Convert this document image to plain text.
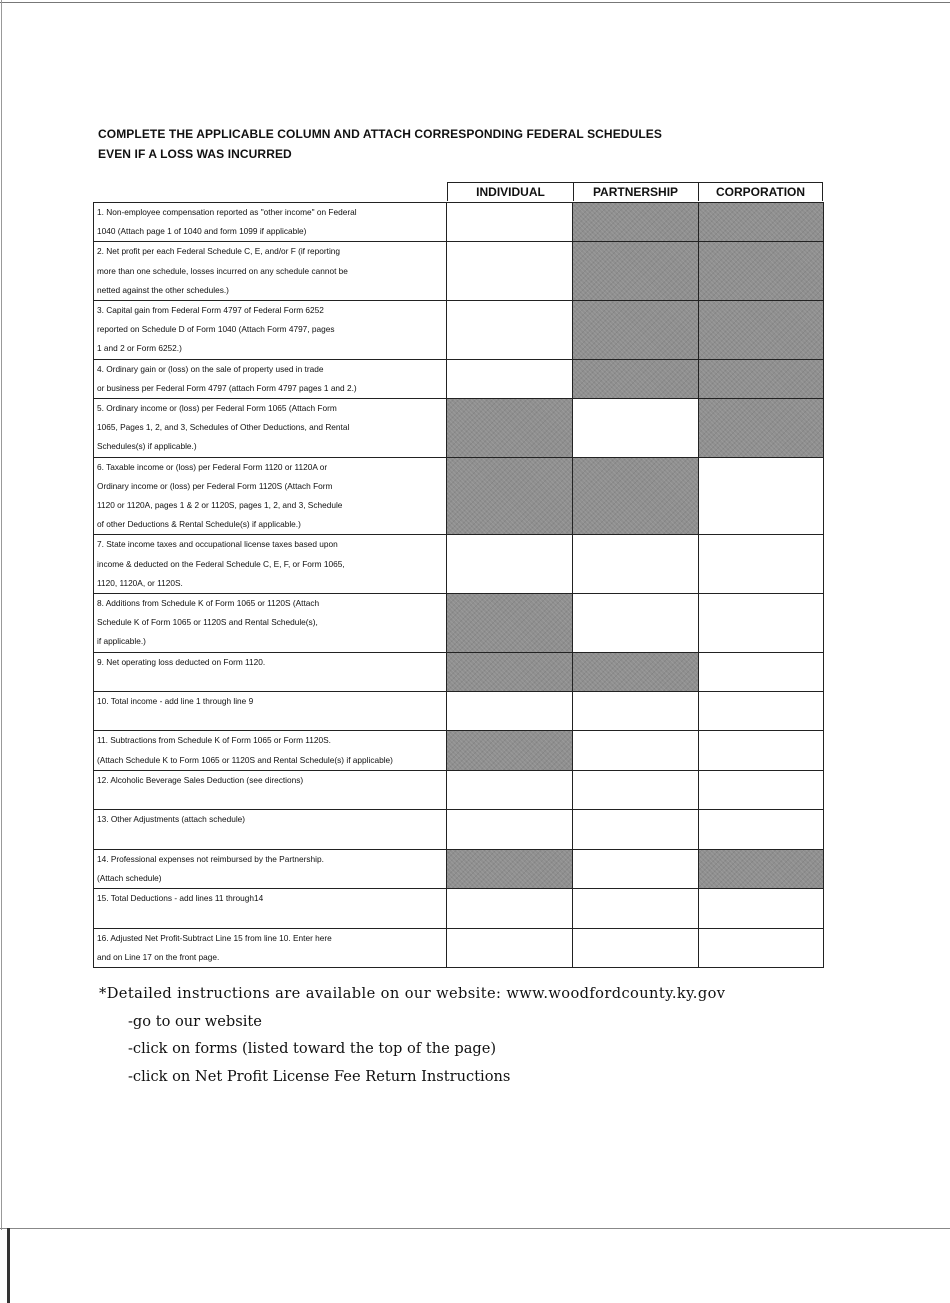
COMPLETE THE APPLICABLE COLUMN AND ATTACH CORRESPONDING FEDERAL SCHEDULES
EVEN IF A LOSS WAS INCURRED
INDIVIDUAL	PARTNERSHIP	CORPORATION
1. Non-employee compensation reported as "other income" on Federal
1040 (Attach page 1 of 1040 and form 1099 if applicable)
2. Net profit per each Federal Schedule C, E, and/or F (if reporting
more than one schedule, losses incurred on any schedule cannot be
netted against the other schedules.)
3. Capital gain from Federal Form 4797 of Federal Form 6252
reported on Schedule D of Form 1040 (Attach Form 4797, pages
1 and 2 or Form 6252.)
4. Ordinary gain or (loss) on the sale of property used in trade
or business per Federal Form 4797 (attach Form 4797 pages 1 and 2.)
5. Ordinary income or (loss) per Federal Form 1065 (Attach Form
1065, Pages 1, 2, and 3, Schedules of Other Deductions, and Rental
Schedules(s) if applicable.)
6. Taxable income or (loss) per Federal Form 1120 or 1120A or
Ordinary income or (loss) per Federal Form 1120S (Attach Form
1120 or 1120A, pages 1 & 2 or 1120S, pages 1, 2, and 3, Schedule
of other Deductions & Rental Schedule(s) if applicable.)
7. State income taxes and occupational license taxes based upon
income & deducted on the Federal Schedule C, E, F, or Form 1065,
1120, 1120A, or 1120S.
8. Additions from Schedule K of Form 1065 or 1120S (Attach
Schedule K of Form 1065 or 1120S and Rental Schedule(s),
if applicable.)
9. Net operating loss deducted on Form 1120.

10. Total income - add line 1 through line 9

11. Subtractions from Schedule K of Form 1065 or Form 1120S.
(Attach Schedule K to Form 1065 or 1120S and Rental Schedule(s) if applicable)
12. Alcoholic Beverage Sales Deduction (see directions)

13. Other Adjustments (attach schedule)

14. Professional expenses not reimbursed by the Partnership.
(Attach schedule)
15. Total Deductions - add lines 11 through14

16. Adjusted Net Profit-Subtract Line 15 from line 10. Enter here
and on Line 17 on the front page.
*Detailed instructions are available on our website: www.woodfordcounty.ky.gov
-go to our website
-click on forms (listed toward the top of the page)
-click on Net Profit License Fee Return Instructions
